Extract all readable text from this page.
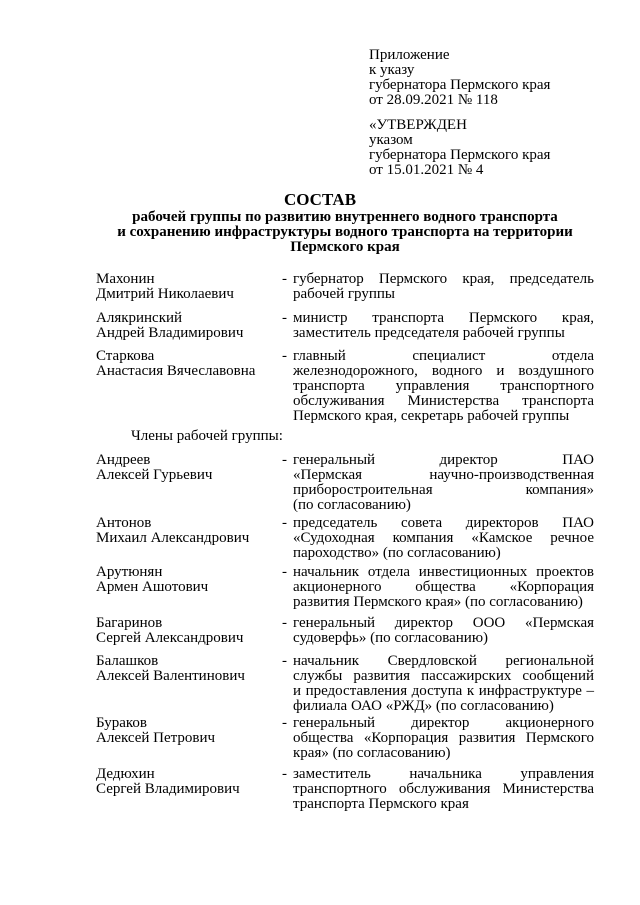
Приложение
к указу
губернатора Пермского края
от 28.09.2021 № 118
«УТВЕРЖДЕН
указом
губернатора Пермского края
от 15.01.2021 № 4
СОСТАВ
рабочей группы по развитию внутреннего водного транспорта
и сохранению инфраструктуры водного транспорта на территории
Пермского края
Махонин
Дмитрий Николаевич
- губернатор Пермского края, председатель
рабочей группы
Алякринский
Андрей Владимирович
- министр транспорта Пермского края,
заместитель председателя рабочей группы
Старкова
Анастасия Вячеславовна
- главный специалист отдела
железнодорожного, водного и воздушного
транспорта управления транспортного
обслуживания Министерства транспорта
Пермского края, секретарь рабочей группы
Члены рабочей группы:
Андреев
Алексей Гурьевич
- генеральный директор ПАО
«Пермская научно-производственная
приборостроительная компания»
(по согласованию)
Антонов
Михаил Александрович
- председатель совета директоров ПАО
«Судоходная компания «Камское речное
пароходство» (по согласованию)
Арутюнян
Армен Ашотович
- начальник отдела инвестиционных проектов
акционерного общества «Корпорация
развития Пермского края» (по согласованию)
Багаринов
Сергей Александрович
- генеральный директор ООО «Пермская
судоверфь» (по согласованию)
Балашков
Алексей Валентинович
- начальник Свердловской региональной
службы развития пассажирских сообщений
и предоставления доступа к инфраструктуре –
филиала ОАО «РЖД» (по согласованию)
Бураков
Алексей Петрович
- генеральный директор акционерного
общества «Корпорация развития Пермского
края» (по согласованию)
Дедюхин
Сергей Владимирович
- заместитель начальника управления
транспортного обслуживания Министерства
транспорта Пермского края
